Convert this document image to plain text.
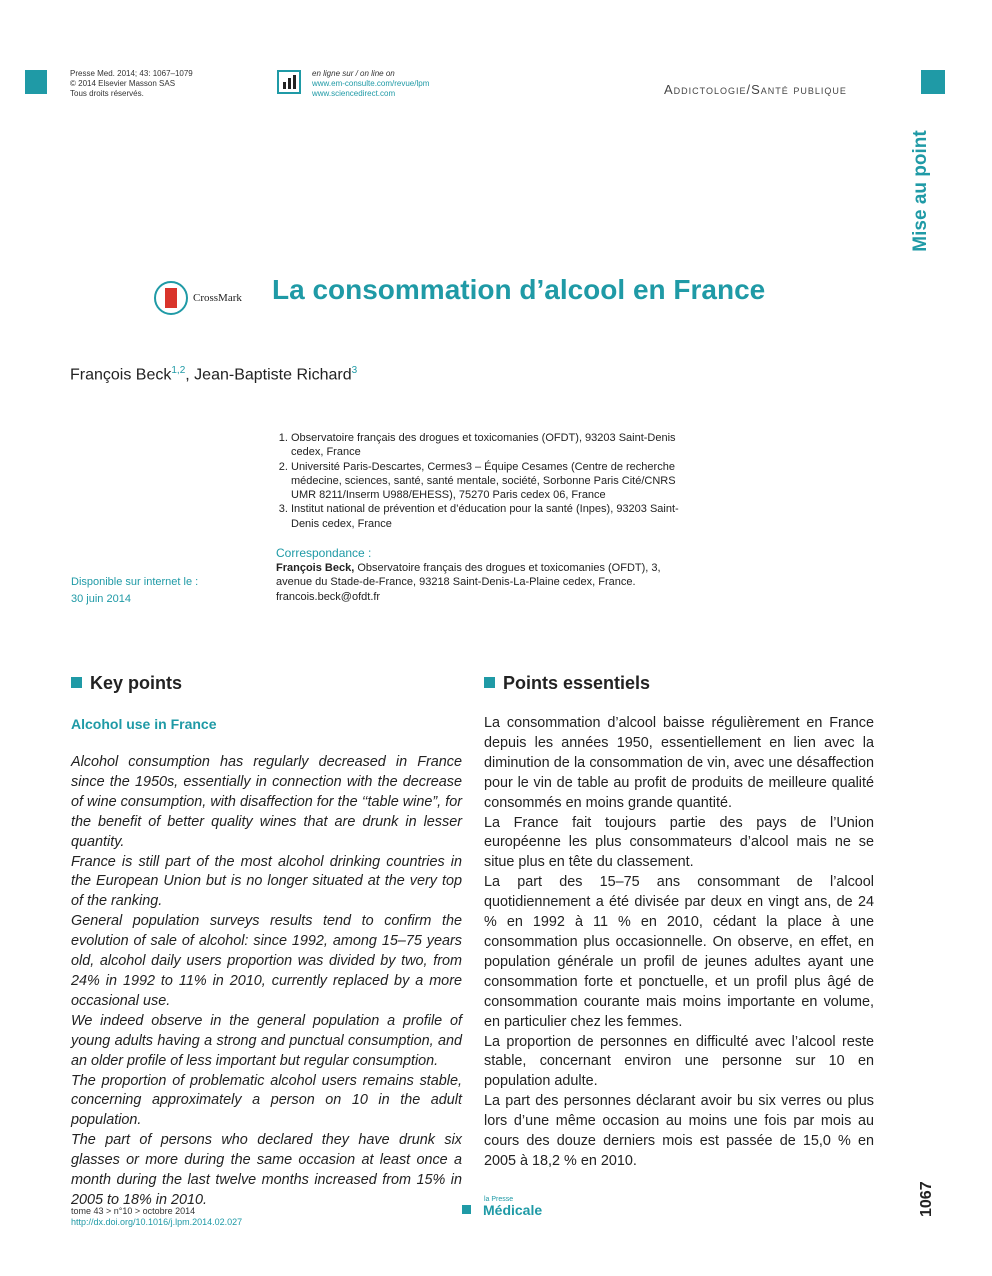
Presse Med. 2014; 43: 1067–1079
© 2014 Elsevier Masson SAS
Tous droits réservés.
en ligne sur / on line on
www.em-consulte.com/revue/lpm
www.sciencedirect.com	Addictologie/Santé publique
Mise au point
CrossMark La consommation d’alcool en France
François Beck$^{1,2}$, Jean-Baptiste Richard$^3$
1. Observatoire français des drogues et toxicomanies (OFDT), 93203 Saint-Denis cedex, France
2. Université Paris-Descartes, Cermes3 – Équipe Cesames (Centre de recherche médecine, sciences, santé, santé mentale, société, Sorbonne Paris Cité/CNRS UMR 8211/Inserm U988/EHESS), 75270 Paris cedex 06, France
3. Institut national de prévention et d’éducation pour la santé (Inpes), 93203 Saint-Denis cedex, France
Correspondance :
François Beck, Observatoire français des drogues et toxicomanies (OFDT), 3, avenue du Stade-de-France, 93218 Saint-Denis-La-Plaine cedex, France.
francois.beck@ofdt.fr
Disponible sur internet le :
30 juin 2014
Key points
Alcohol use in France

Alcohol consumption has regularly decreased in France since the 1950s, essentially in connection with the decrease of wine consumption, with disaffection for the ‘‘table wine”, for the benefit of better quality wines that are drunk in lesser quantity.

France is still part of the most alcohol drinking countries in the European Union but is no longer situated at the very top of the ranking.

General population surveys results tend to confirm the evolution of sale of alcohol: since 1992, among 15–75 years old, alcohol daily users proportion was divided by two, from 24% in 1992 to 11% in 2010, currently replaced by a more occasional use.

We indeed observe in the general population a profile of young adults having a strong and punctual consumption, and an older profile of less important but regular consumption.

The proportion of problematic alcohol users remains stable, concerning approximately a person on 10 in the adult population.

The part of persons who declared they have drunk six glasses or more during the same occasion at least once a month during the last twelve months increased from 15% in 2005 to 18% in 2010.

Points essentiels

La consommation d’alcool baisse régulièrement en France depuis les années 1950, essentiellement en lien avec la diminution de la consommation de vin, avec une désaffection pour le vin de table au profit de produits de meilleure qualité consommés en moins grande quantité.

La France fait toujours partie des pays de l’Union européenne les plus consommateurs d’alcool mais ne se situe plus en tête du classement.

La part des 15–75 ans consommant de l’alcool quotidiennement a été divisée par deux en vingt ans, de 24 % en 1992 à 11 % en 2010, cédant la place à une consommation plus occasionnelle. On observe, en effet, en population générale un profil de jeunes adultes ayant une consommation forte et ponctuelle, et un profil plus âgé de consommation courante mais moins importante en volume, en particulier chez les femmes.

La proportion de personnes en difficulté avec l’alcool reste stable, concernant environ une personne sur 10 en population adulte.

La part des personnes déclarant avoir bu six verres ou plus lors d’une même occasion au moins une fois par mois au cours des douze derniers mois est passée de 15,0 % en 2005 à 18,2 % en 2010.

tome 43 > n°10 > octobre 2014
http://dx.doi.org/10.1016/j.lpm.2014.02.027
la Presse
Médicale	1067
